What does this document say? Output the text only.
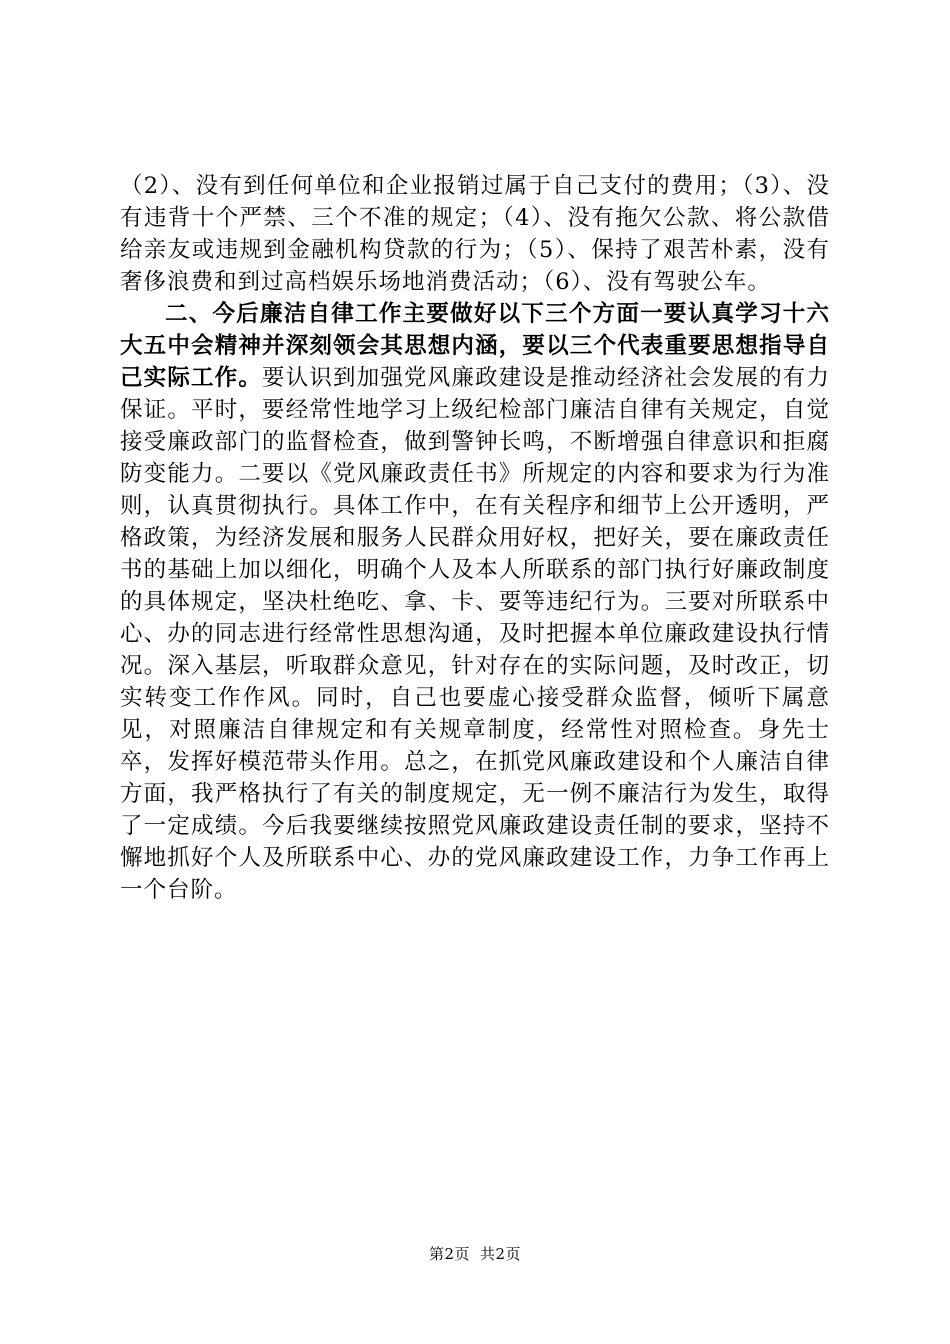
（2）、没有到任何单位和企业报销过属于自己支付的费用；（3）、没有违背十个严禁、三个不准的规定；（4）、没有拖欠公款、将公款借给亲友或违规到金融机构贷款的行为；（5）、保持了艰苦朴素，没有奢侈浪费和到过高档娱乐场地消费活动；（6）、没有驾驶公车。

二、今后廉洁自律工作主要做好以下三个方面一要认真学习十六大五中会精神并深刻领会其思想内涵，要以三个代表重要思想指导自己实际工作。要认识到加强党风廉政建设是推动经济社会发展的有力保证。平时，要经常性地学习上级纪检部门廉洁自律有关规定，自觉接受廉政部门的监督检查，做到警钟长鸣，不断增强自律意识和拒腐防变能力。二要以《党风廉政责任书》所规定的内容和要求为行为准则，认真贯彻执行。具体工作中，在有关程序和细节上公开透明，严格政策，为经济发展和服务人民群众用好权，把好关，要在廉政责任书的基础上加以细化，明确个人及本人所联系的部门执行好廉政制度的具体规定，坚决杜绝吃、拿、卡、要等违纪行为。三要对所联系中心、办的同志进行经常性思想沟通，及时把握本单位廉政建设执行情况。深入基层，听取群众意见，针对存在的实际问题，及时改正，切实转变工作作风。同时，自己也要虚心接受群众监督，倾听下属意见，对照廉洁自律规定和有关规章制度，经常性对照检查。身先士卒，发挥好模范带头作用。总之，在抓党风廉政建设和个人廉洁自律方面，我严格执行了有关的制度规定，无一例不廉洁行为发生，取得了一定成绩。今后我要继续按照党风廉政建设责任制的要求，坚持不懈地抓好个人及所联系中心、办的党风廉政建设工作，力争工作再上一个台阶。

第2页 共2页
